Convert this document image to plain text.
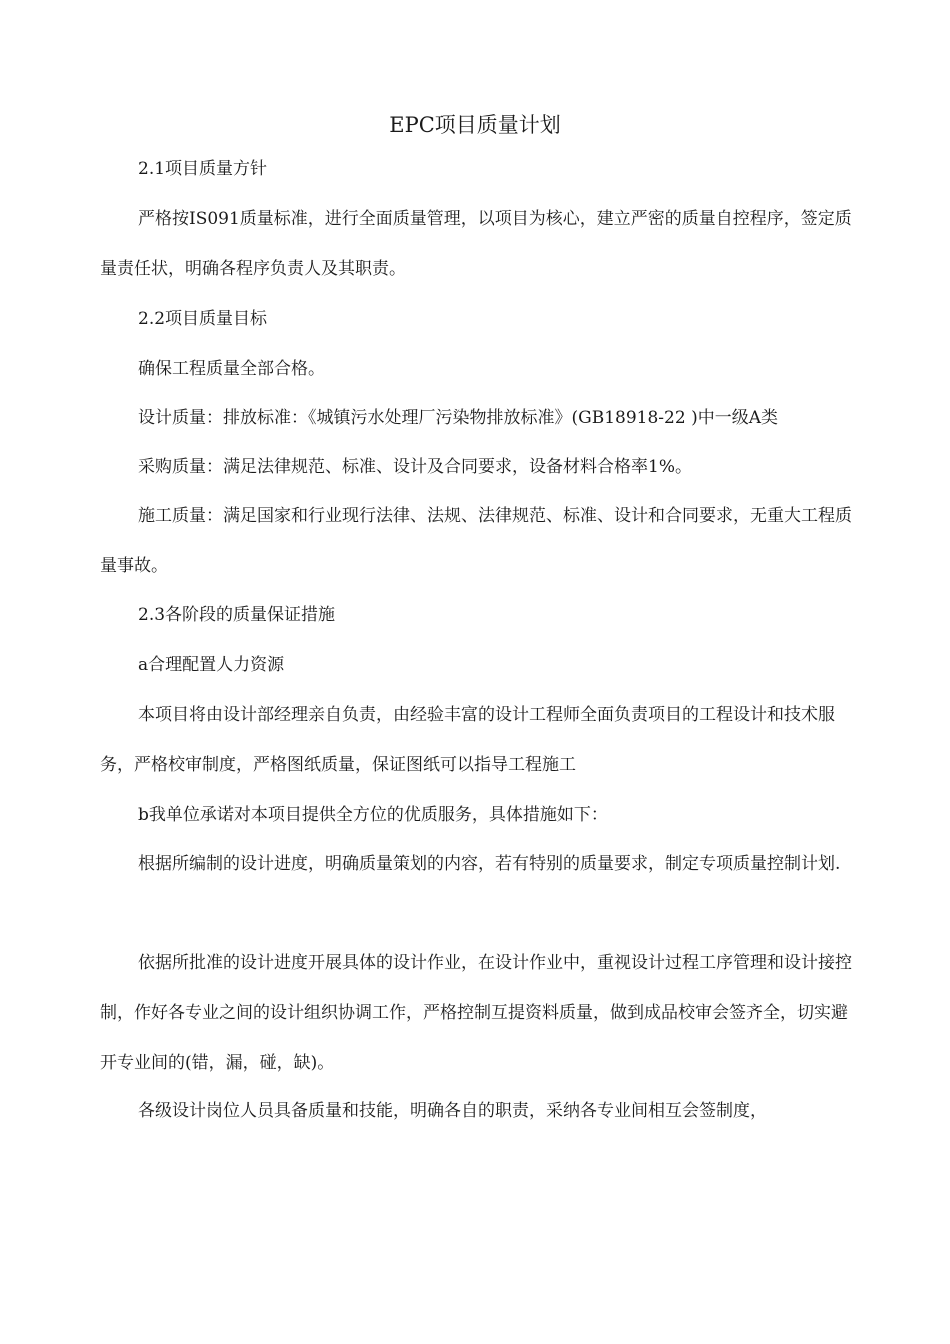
EPC项目质量计划

2.1项目质量方针

严格按IS091质量标准，进行全面质量管理，以项目为核心，建立严密的质量自控程序，签定质量责任状，明确各程序负责人及其职责。

2.2项目质量目标

确保工程质量全部合格。

设计质量：排放标准：《城镇污水处理厂污染物排放标准》(GB18918-22 )中一级A类

采购质量：满足法律规范、标准、设计及合同要求，设备材料合格率1%。

施工质量：满足国家和行业现行法律、法规、法律规范、标准、设计和合同要求，无重大工程质量事故。

2.3各阶段的质量保证措施

a合理配置人力资源

本项目将由设计部经理亲自负责，由经验丰富的设计工程师全面负责项目的工程设计和技术服务，严格校审制度，严格图纸质量，保证图纸可以指导工程施工

b我单位承诺对本项目提供全方位的优质服务，具体措施如下：

根据所编制的设计进度，明确质量策划的内容，若有特别的质量要求，制定专项质量控制计划.

依据所批准的设计进度开展具体的设计作业，在设计作业中，重视设计过程工序管理和设计接控制，作好各专业之间的设计组织协调工作，严格控制互提资料质量，做到成品校审会签齐全，切实避开专业间的(错，漏，碰，缺)。

各级设计岗位人员具备质量和技能，明确各自的职责，采纳各专业间相互会签制度，
